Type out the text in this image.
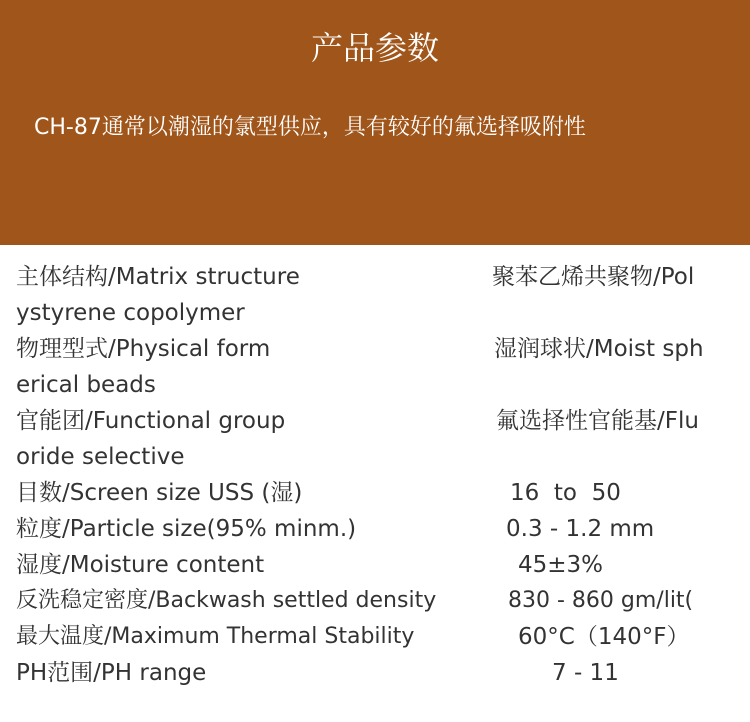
产品参数
CH-87通常以潮湿的氯型供应，具有较好的氟选择吸附性
主体结构/Matrix structure	聚苯乙烯共聚物/Pol
ystyrene copolymer
物理型式/Physical form	湿润球状/Moist sph
erical beads
官能团/Functional group	氟选择性官能基/Flu
oride selective
目数/Screen size USS (湿)	16  to  50
粒度/Particle size(95% minm.)	0.3 - 1.2 mm
湿度/Moisture content	45±3%
反洗稳定密度/Backwash settled density	830 - 860 gm/lit(
最大温度/Maximum Thermal Stability	60°C（140°F）
PH范围/PH range	7 - 11
